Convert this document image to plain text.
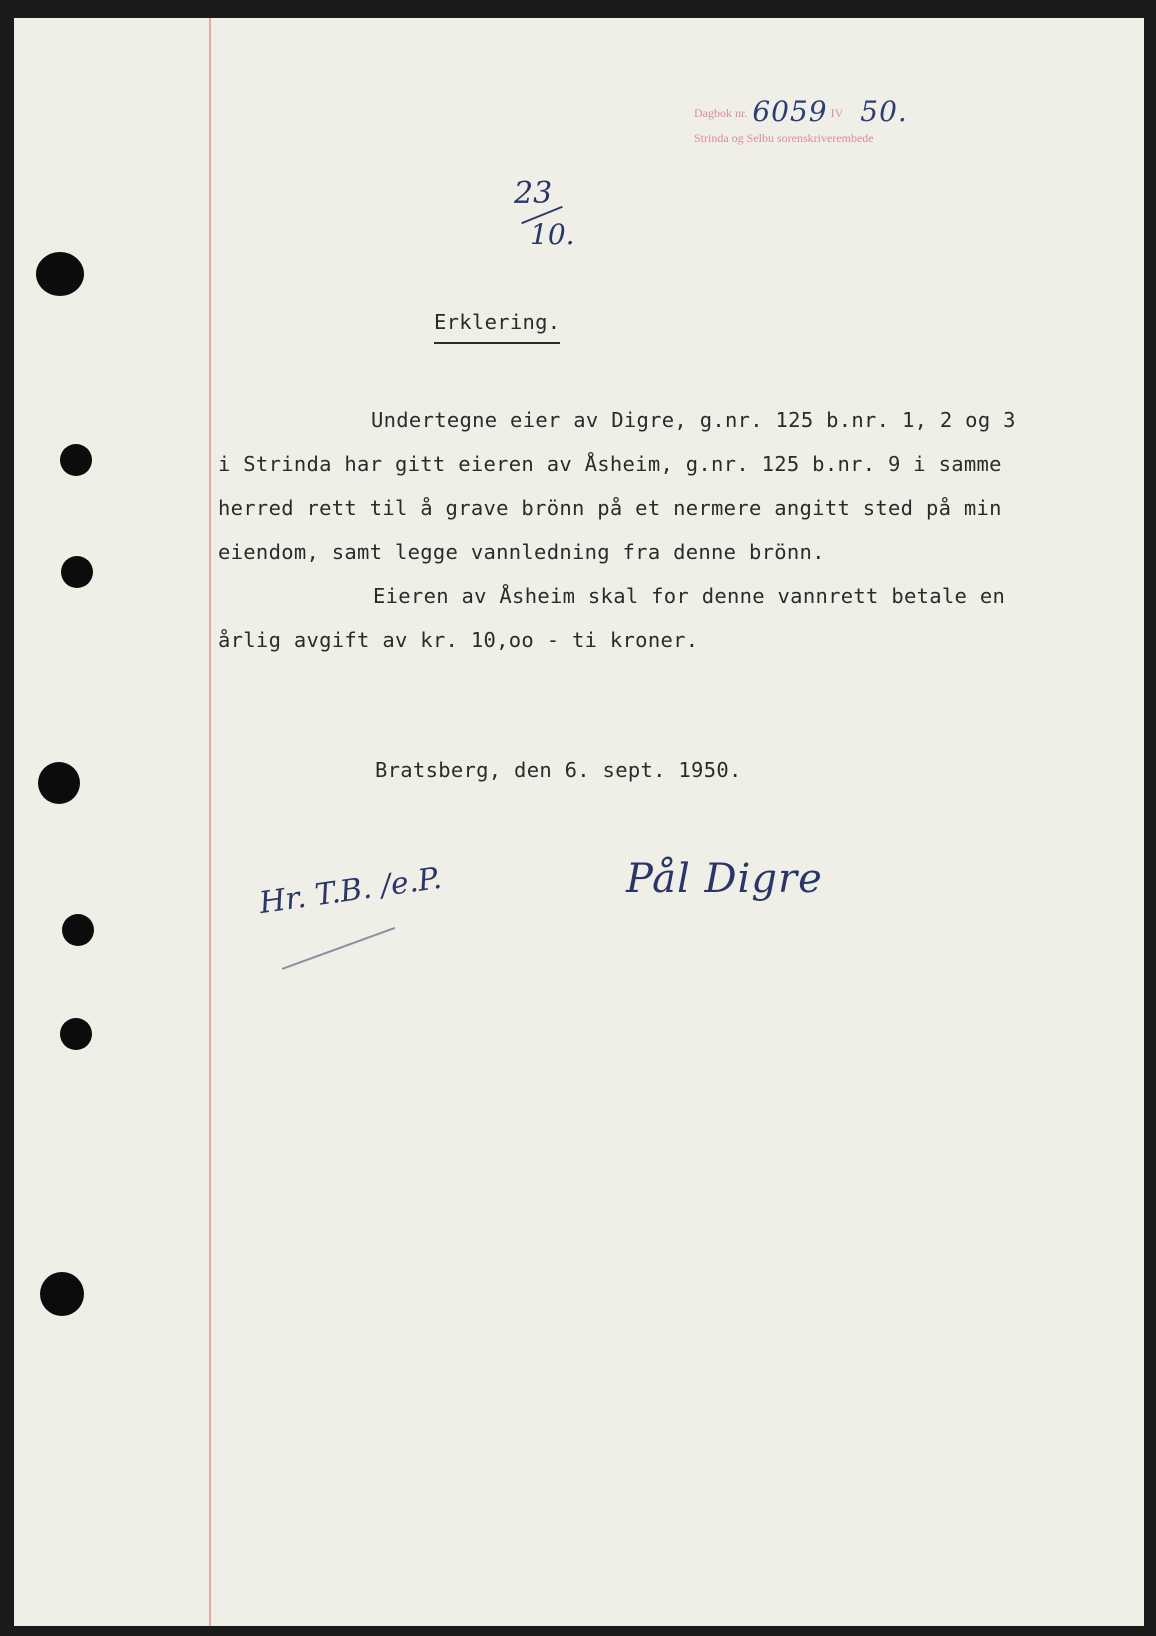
Dagbok nr. 6059 IV 50.
Strinda og Selbu sorenskriverembede
23
10.
Erklering.
Undertegne eier av Digre, g.nr. 125 b.nr. 1, 2 og 3
i Strinda har gitt eieren av Åsheim, g.nr. 125 b.nr. 9 i samme
herred rett til å grave brönn på et nermere angitt sted på min
eiendom, samt legge vannledning fra denne brönn.
Eieren av Åsheim skal for denne vannrett betale en
årlig avgift av kr. 10,oo - ti kroner.
Bratsberg, den 6. sept. 1950.
Pål Digre
Hr. T.B. /e.P.
